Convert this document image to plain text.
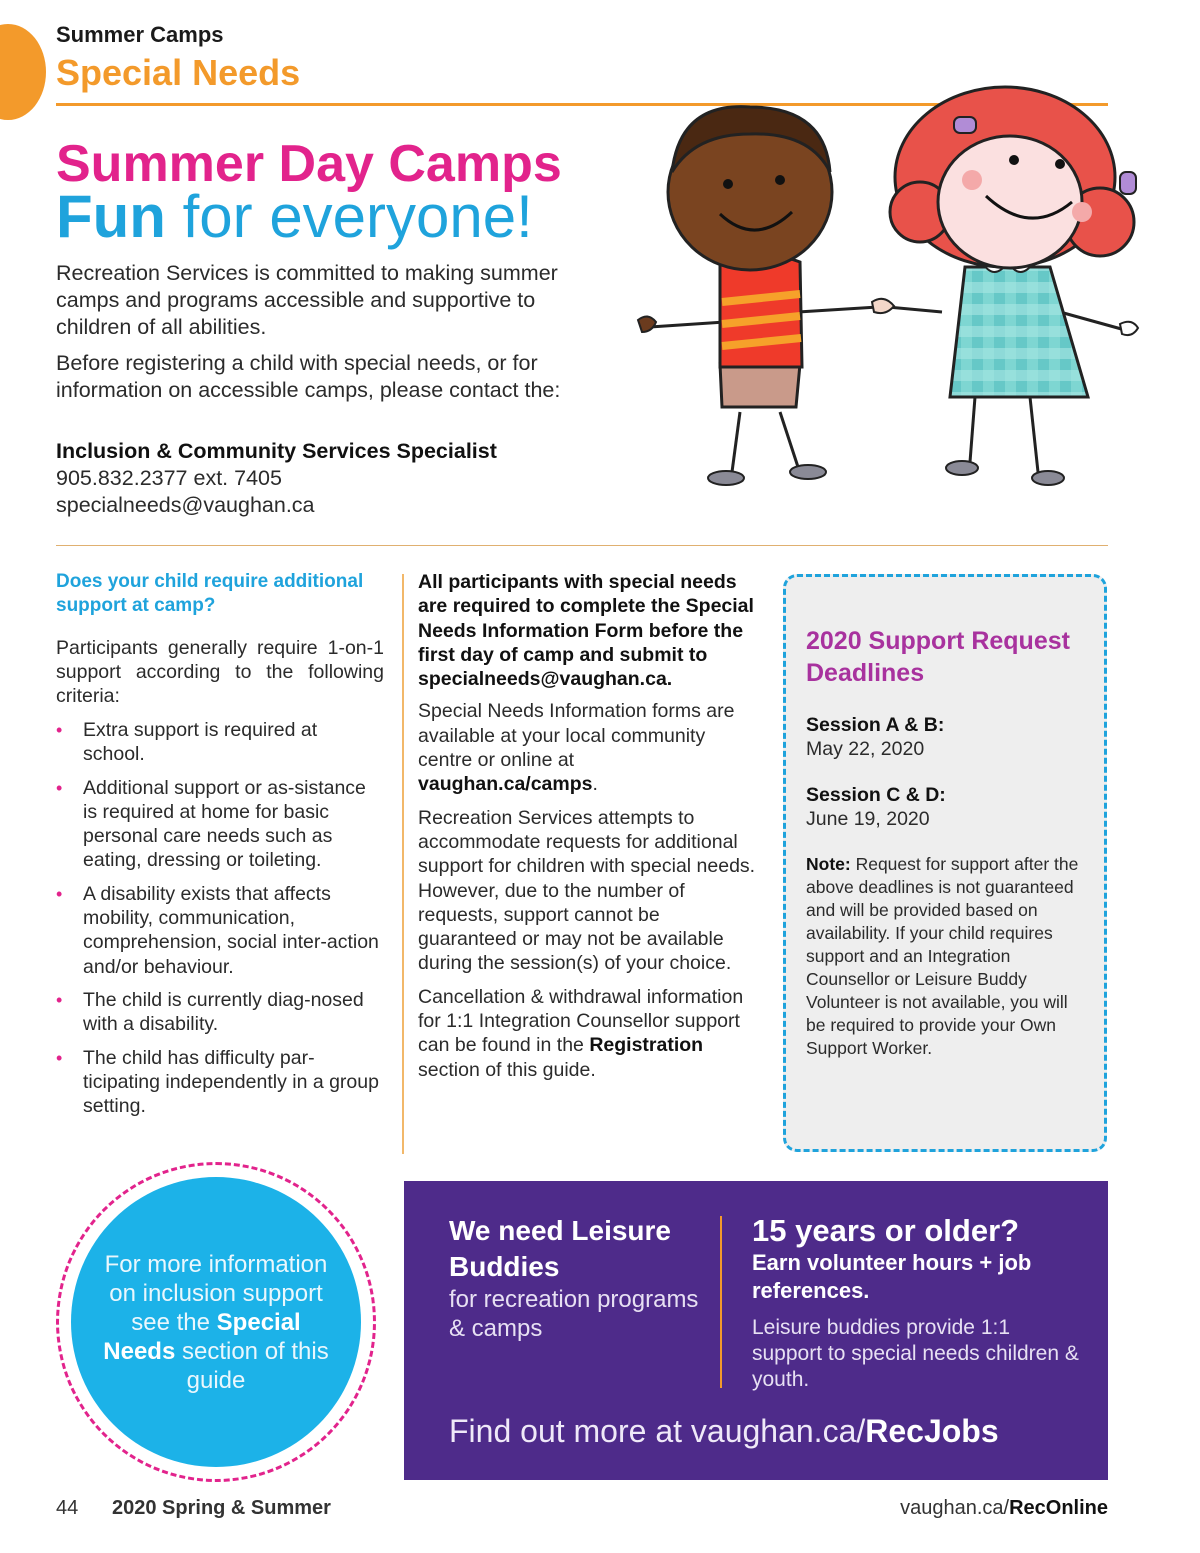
Summer Camps
Special Needs
Summer Day Camps
Fun for everyone!

Recreation Services is committed to making summer camps and programs accessible and supportive to children of all abilities.

Before registering a child with special needs, or for information on accessible camps, please contact the:

Inclusion & Community Services Specialist
905.832.2377 ext. 7405
specialneeds@vaughan.ca
Does your child require additional support at camp?
Participants generally require 1-on-1 support according to the following criteria:
• Extra support is required at school.
• Additional support or as-sistance is required at home for basic personal care needs such as eating, dressing or toileting.
• A disability exists that affects mobility, communication, comprehension, social inter-action and/or behaviour.
• The child is currently diag-nosed with a disability.
• The child has difficulty par-ticipating independently in a group setting.
All participants with special needs are required to complete the Special Needs Information Form before the first day of camp and submit to specialneeds@vaughan.ca.

Special Needs Information forms are available at your local community centre or online at vaughan.ca/camps.

Recreation Services attempts to accommodate requests for additional support for children with special needs. However, due to the number of requests, support cannot be guaranteed or may not be available during the session(s) of your choice.

Cancellation & withdrawal information for 1:1 Integration Counsellor support can be found in the Registration section of this guide.

2020 Support Request Deadlines
Session A & B:
May 22, 2020
Session C & D:
June 19, 2020
Note: Request for support after the above deadlines is not guaranteed and will be provided based on availability. If your child requires support and an Integration Counsellor or Leisure Buddy Volunteer is not available, you will be required to provide your Own Support Worker.
For more information on inclusion support see the Special Needs section of this guide
We need Leisure Buddies
for recreation programs & camps
15 years or older?
Earn volunteer hours + job references.
Leisure buddies provide 1:1 support to special needs children & youth.
Find out more at vaughan.ca/RecJobs
44 2020 Spring & Summer	vaughan.ca/RecOnline
